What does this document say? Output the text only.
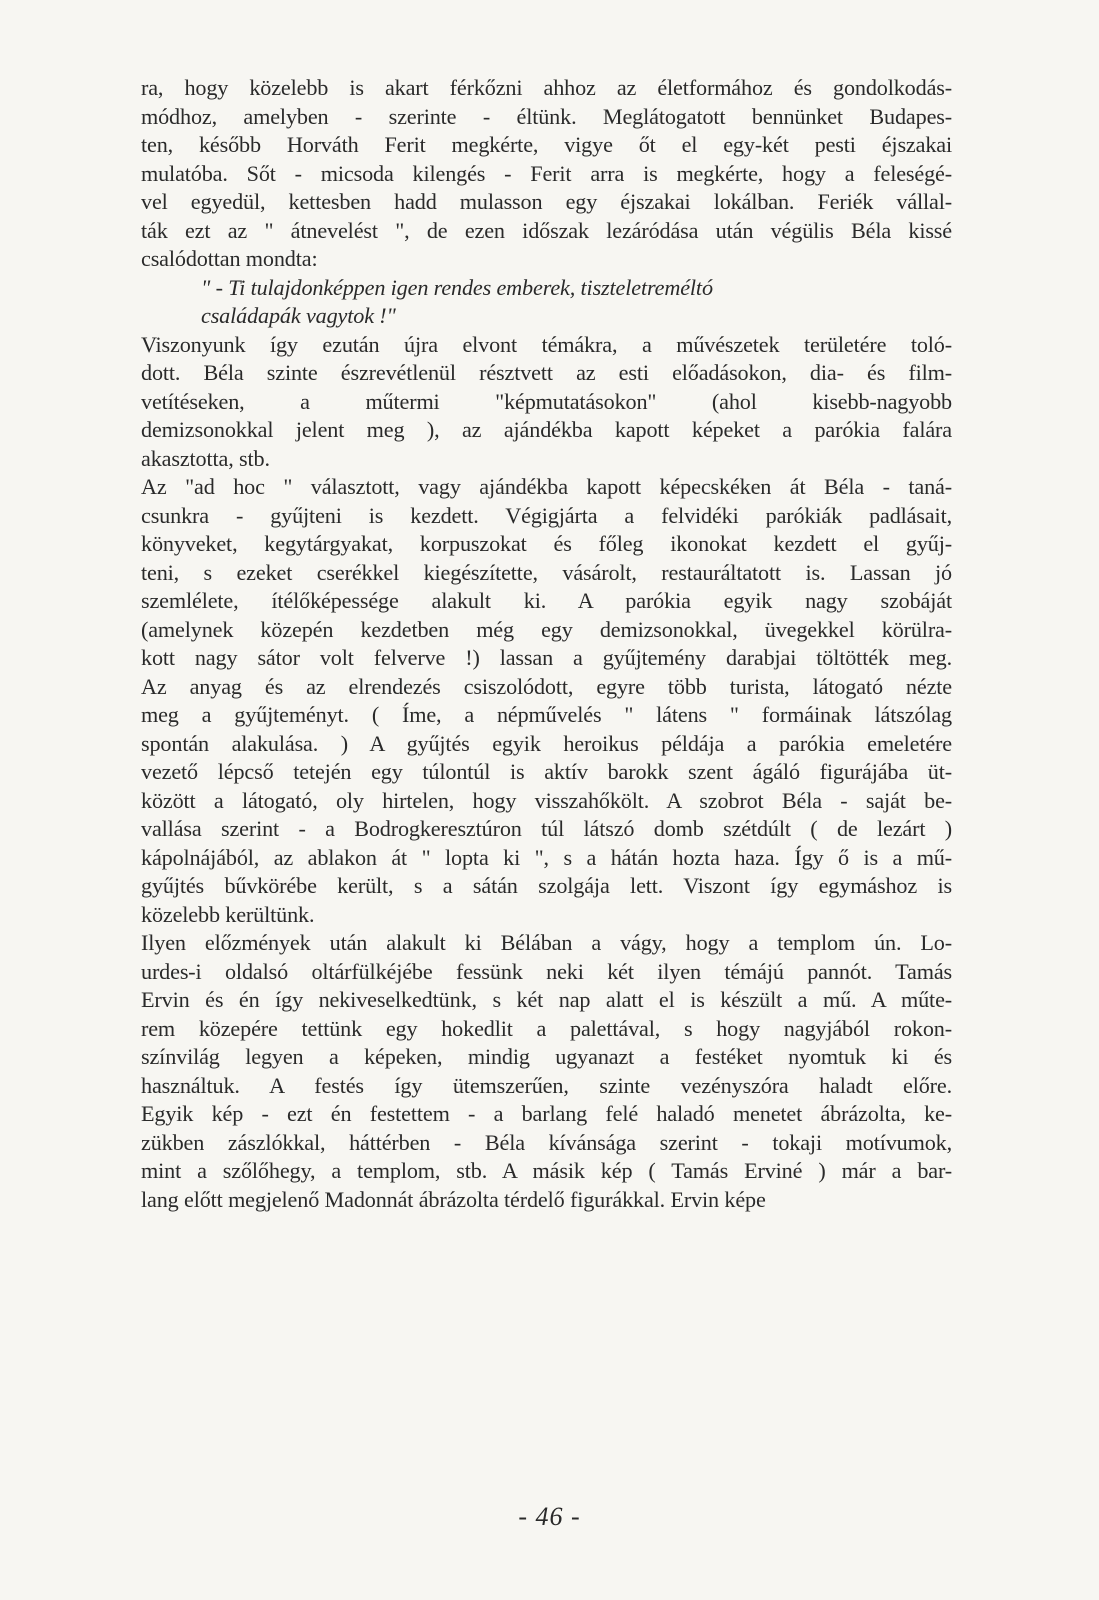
ra, hogy közelebb is akart férkőzni ahhoz az életformához és gondolkodás-
módhoz, amelyben - szerinte - éltünk. Meglátogatott bennünket Budapes-
ten, később Horváth Ferit megkérte, vigye őt el egy-két pesti éjszakai
mulatóba. Sőt - micsoda kilengés - Ferit arra is megkérte, hogy a feleségé-
vel egyedül, kettesben hadd mulasson egy éjszakai lokálban. Feriék vállal-
ták ezt az " átnevelést ", de ezen időszak lezáródása után végülis Béla kissé
csalódottan mondta:
" - Ti tulajdonképpen igen rendes emberek, tiszteletreméltó
családapák vagytok !"
Viszonyunk így ezután újra elvont témákra, a művészetek területére toló-
dott. Béla szinte észrevétlenül résztvett az esti előadásokon, dia- és film-
vetítéseken, a műtermi "képmutatásokon" (ahol kisebb-nagyobb
demizsonokkal jelent meg ), az ajándékba kapott képeket a parókia falára
akasztotta, stb.
Az "ad hoc " választott, vagy ajándékba kapott képecskéken át Béla - taná-
csunkra - gyűjteni is kezdett. Végigjárta a felvidéki parókiák padlásait,
könyveket, kegytárgyakat, korpuszokat és főleg ikonokat kezdett el gyűj-
teni, s ezeket cserékkel kiegészítette, vásárolt, restauráltatott is. Lassan jó
szemlélete, ítélőképessége alakult ki. A parókia egyik nagy szobáját
(amelynek közepén kezdetben még egy demizsonokkal, üvegekkel körülra-
kott nagy sátor volt felverve !) lassan a gyűjtemény darabjai töltötték meg.
Az anyag és az elrendezés csiszolódott, egyre több turista, látogató nézte
meg a gyűjteményt. ( Íme, a népművelés " látens " formáinak látszólag
spontán alakulása. ) A gyűjtés egyik heroikus példája a parókia emeletére
vezető lépcső tetején egy túlontúl is aktív barokk szent ágáló figurájába üt-
között a látogató, oly hirtelen, hogy visszahőkölt. A szobrot Béla - saját be-
vallása szerint - a Bodrogkeresztúron túl látszó domb szétdúlt ( de lezárt )
kápolnájából, az ablakon át " lopta ki ", s a hátán hozta haza. Így ő is a mű-
gyűjtés bűvkörébe került, s a sátán szolgája lett. Viszont így egymáshoz is
közelebb kerültünk.
Ilyen előzmények után alakult ki Bélában a vágy, hogy a templom ún. Lo-
urdes-i oldalsó oltárfülkéjébe fessünk neki két ilyen témájú pannót. Tamás
Ervin és én így nekiveselkedtünk, s két nap alatt el is készült a mű. A műte-
rem közepére tettünk egy hokedlit a palettával, s hogy nagyjából rokon-
színvilág legyen a képeken, mindig ugyanazt a festéket nyomtuk ki és
használtuk. A festés így ütemszerűen, szinte vezényszóra haladt előre.
Egyik kép - ezt én festettem - a barlang felé haladó menetet ábrázolta, ke-
zükben zászlókkal, háttérben - Béla kívánsága szerint - tokaji motívumok,
mint a szőlőhegy, a templom, stb. A másik kép ( Tamás Erviné ) már a bar-
lang előtt megjelenő Madonnát ábrázolta térdelő figurákkal. Ervin képe
- 46 -
